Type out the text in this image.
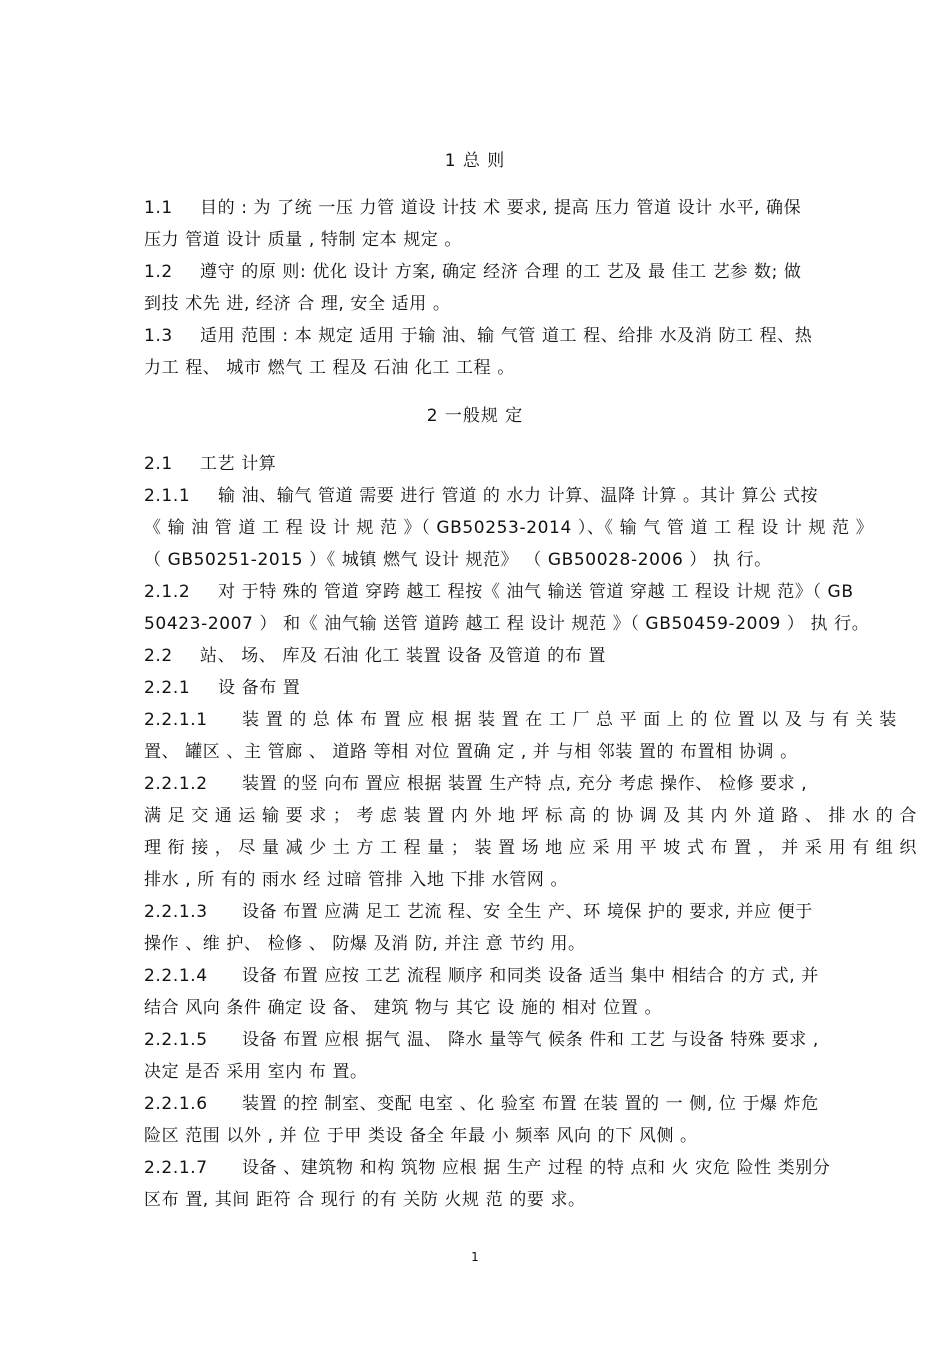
1 总 则
1.1 目的 : 为 了统 一压 力管 道设 计技 术 要求, 提高 压力 管道 设计 水平, 确保
压力 管道 设计 质量 , 特制 定本 规定 。
1.2 遵守 的原 则: 优化 设计 方案, 确定 经济 合理 的工 艺及 最 佳工 艺参 数; 做
到技 术先 进, 经济 合 理, 安全 适用 。
1.3 适用 范围 : 本 规定 适用 于输 油、输 气管 道工 程、给排 水及消 防工 程、热
力工 程、 城市 燃气 工 程及 石油 化工 工程 。
2 一般规 定
2.1 工艺 计算
2.1.1 输 油、输气 管道 需要 进行 管道 的 水力 计算、温降 计算 。其计 算公 式按
《 输 油 管 道 工 程 设 计 规 范 》（ GB50253-2014 ）、《 输 气 管 道 工 程 设 计 规 范 》
（ GB50251-2015 ）《 城镇 燃气 设计 规范》 （ GB50028-2006 ） 执 行。
2.1.2 对 于特 殊的 管道 穿跨 越工 程按《 油气 输送 管道 穿越 工 程设 计规 范》（ GB
50423-2007 ） 和《 油气输 送管 道跨 越工 程 设计 规范 》（ GB50459-2009 ） 执 行。
2.2 站、 场、 库及 石油 化工 装置 设备 及管道 的布 置
2.2.1 设 备布 置
2.2.1.1 装 置 的 总 体 布 置 应 根 据 装 置 在 工 厂 总 平 面 上 的 位 置 以 及 与 有 关 装
置、 罐区 、主 管廊 、 道路 等相 对位 置确 定 , 并 与相 邻装 置的 布置相 协调 。
2.2.1.2 装置 的竖 向布 置应 根据 装置 生产特 点, 充分 考虑 操作、 检修 要求 ,
满 足 交 通 运 输 要 求 ； 考 虑 装 置 内 外 地 坪 标 高 的 协 调 及 其 内 外 道 路 、 排 水 的 合
理 衔 接 ， 尽 量 减 少 土 方 工 程 量 ； 装 置 场 地 应 采 用 平 坡 式 布 置 ， 并 采 用 有 组 织
排水 , 所 有的 雨水 经 过暗 管排 入地 下排 水管网 。
2.2.1.3 设备 布置 应满 足工 艺流 程、安 全生 产、环 境保 护的 要求, 并应 便于
操作 、维 护、 检修 、 防爆 及消 防, 并注 意 节约 用。
2.2.1.4 设备 布置 应按 工艺 流程 顺序 和同类 设备 适当 集中 相结合 的方 式, 并
结合 风向 条件 确定 设 备、 建筑 物与 其它 设 施的 相对 位置 。
2.2.1.5 设备 布置 应根 据气 温、 降水 量等气 候条 件和 工艺 与设备 特殊 要求 ,
决定 是否 采用 室内 布 置。
2.2.1.6 装置 的控 制室、变配 电室 、化 验室 布置 在装 置的 一 侧, 位 于爆 炸危
险区 范围 以外 , 并 位 于甲 类设 备全 年最 小 频率 风向 的下 风侧 。
2.2.1.7 设备 、建筑物 和构 筑物 应根 据 生产 过程 的特 点和 火 灾危 险性 类别分
区布 置, 其间 距符 合 现行 的有 关防 火规 范 的要 求。
1
